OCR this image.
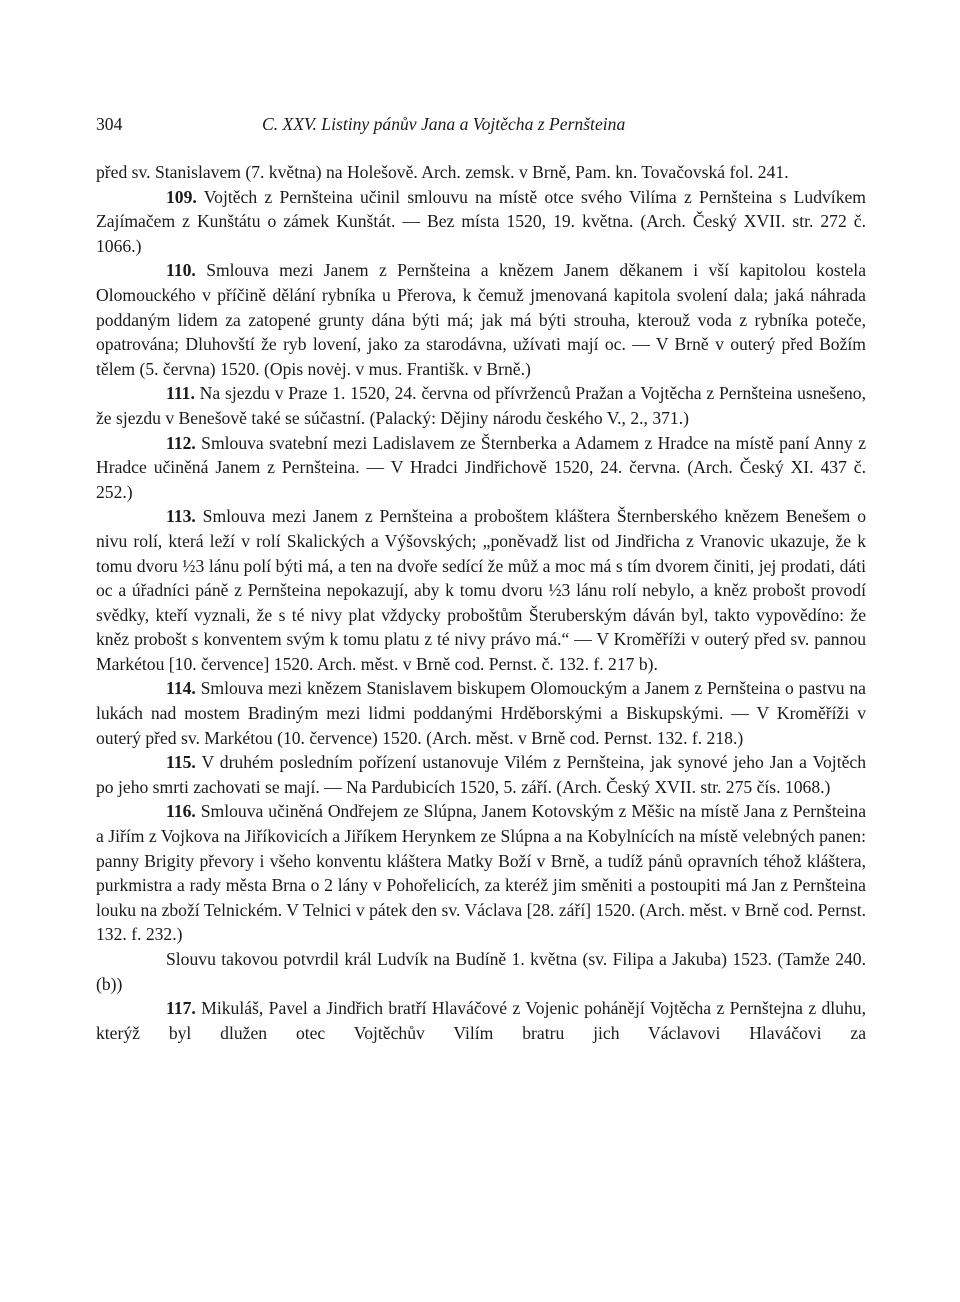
304	C. XXV. Listiny pánův Jana a Vojtěcha z Pernšteina

před sv. Stanislavem (7. května) na Holešově. Arch. zemsk. v Brně, Pam. kn. Tovačovská fol. 241.

109. Vojtěch z Pernšteina učinil smlouvu na místě otce svého Vilíma z Pernšteina s Ludvíkem Zajímačem z Kunštátu o zámek Kunštát. — Bez místa 1520, 19. května. (Arch. Český XVII. str. 272 č. 1066.)

110. Smlouva mezi Janem z Pernšteina a knězem Janem děkanem i vší kapitolou kostela Olomouckého v příčině dělání rybníka u Přerova, k čemuž jmenovaná kapitola svolení dala; jaká náhrada poddaným lidem za zatopené grunty dána býti má; jak má býti strouha, kterouž voda z rybníka poteče, opatrována; Dluhovští že ryb lovení, jako za starodávna, užívati mají oc. — V Brně v outerý před Božím tělem (5. června) 1520. (Opis novėj. v mus. Františk. v Brně.)

111. Na sjezdu v Praze 1. 1520, 24. června od přívrženců Pražan a Vojtěcha z Pernšteina usnešeno, že sjezdu v Benešově také se súčastní. (Palacký: Dějiny národu českého V., 2., 371.)

112. Smlouva svatební mezi Ladislavem ze Šternberka a Adamem z Hradce na místě paní Anny z Hradce učiněná Janem z Pernšteina. — V Hradci Jindřichově 1520, 24. června. (Arch. Český XI. 437 č. 252.)

113. Smlouva mezi Janem z Pernšteina a proboštem kláštera Šternberského knězem Benešem o nivu rolí, která leží v rolí Skalických a Výšovských; „poněvadž list od Jindřicha z Vranovic ukazuje, že k tomu dvoru ½3 lánu polí býti má, a ten na dvoře sedící že můž a moc má s tím dvorem činiti, jej prodati, dáti oc a úřadníci páně z Pernšteina nepokazují, aby k tomu dvoru ½3 lánu rolí nebylo, a kněz probošt provodí svědky, kteří vyznali, že s té nivy plat vždycky proboštům Šteruberským dáván byl, takto vypovědíno: že kněz probošt s konventem svým k tomu platu z té nivy právo má.“ — V Kroměříži v outerý před sv. pannou Markétou [10. července] 1520. Arch. měst. v Brně cod. Pernst. č. 132. f. 217 b).

114. Smlouva mezi knězem Stanislavem biskupem Olomouckým a Janem z Pernšteina o pastvu na lukách nad mostem Bradiným mezi lidmi poddanými Hrděborskými a Biskupskými. — V Kroměříži v outerý před sv. Markétou (10. července) 1520. (Arch. měst. v Brně cod. Pernst. 132. f. 218.)

115. V druhém posledním pořízení ustanovuje Vilém z Pernšteina, jak synové jeho Jan a Vojtěch po jeho smrti zachovati se mají. — Na Pardubicích 1520, 5. září. (Arch. Český XVII. str. 275 čís. 1068.)

116. Smlouva učiněná Ondřejem ze Slúpna, Janem Kotovským z Měšic na místě Jana z Pernšteina a Jiřím z Vojkova na Jiříkovicích a Jiříkem Herynkem ze Slúpna a na Kobylnících na místě velebných panen: panny Brigity převory i všeho konventu kláštera Matky Boží v Brně, a tudíž pánů opravních téhož kláštera, purkmistra a rady města Brna o 2 lány v Pohořelicích, za kteréž jim směniti a postoupiti má Jan z Pernšteina louku na zboží Telnickém. V Telnici v pátek den sv. Václava [28. září] 1520. (Arch. měst. v Brně cod. Pernst. 132. f. 232.)

Slouvu takovou potvrdil král Ludvík na Budíně 1. května (sv. Filipa a Jakuba) 1523. (Tamže 240. (b))

117. Mikuláš, Pavel a Jindřich bratří Hlaváčové z Vojenic pohánějí Vojtěcha z Pernštejna z dluhu, kterýž byl dlužen otec Vojtěchův Vilím bratru jich Václavovi Hlaváčovi za
